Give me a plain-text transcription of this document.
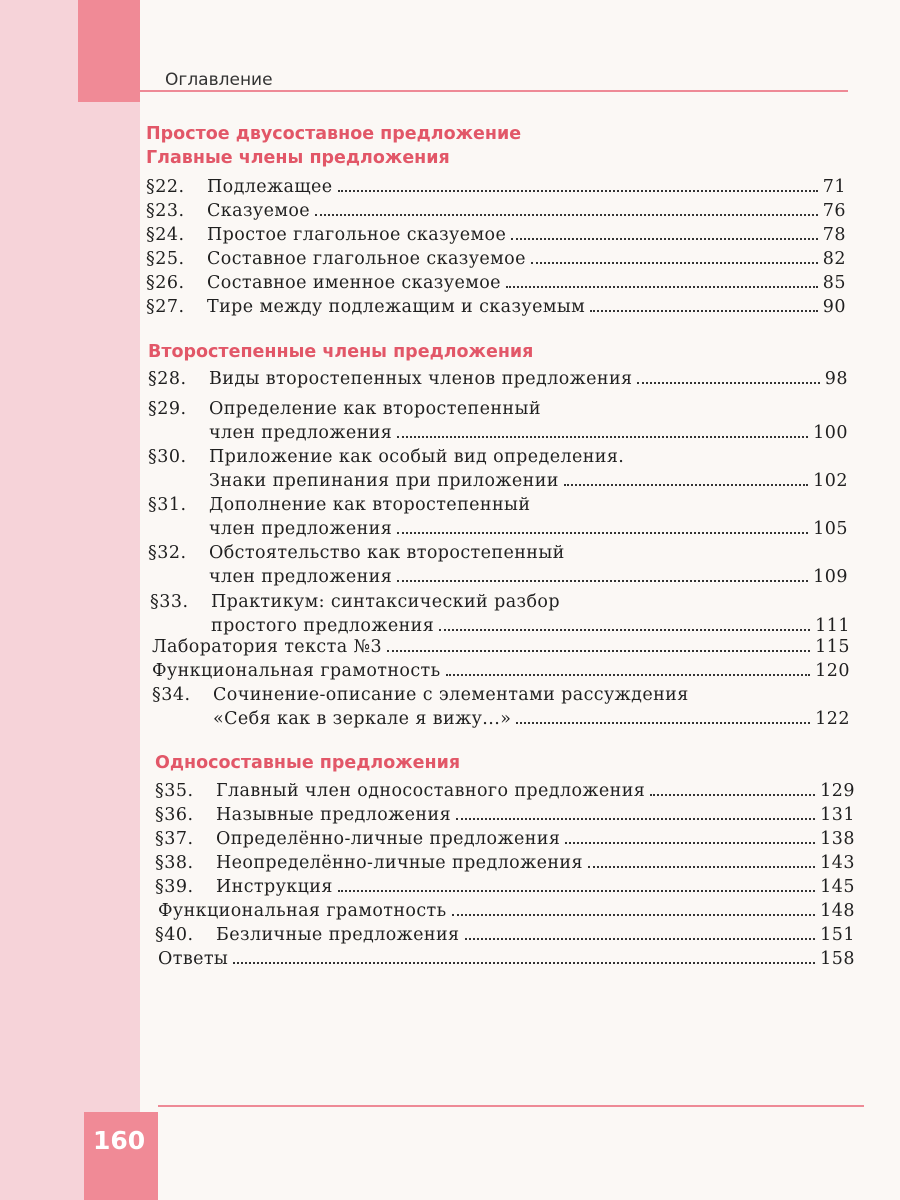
Оглавление
160
Простое двусоставное предложение
Главные члены предложения
§22.	Подлежащее	71
§23.	Сказуемое	76
§24.	Простое глагольное сказуемое	78
§25.	Составное глагольное сказуемое	82
§26.	Составное именное сказуемое	85
§27.	Тире между подлежащим и сказуемым	90
Второстепенные члены предложения
§28.	Виды второстепенных членов предложения	98
§29.	Определение как второстепенный
член предложения	100
§30.	Приложение как особый вид определения.
Знаки препинания при приложении	102
§31.	Дополнение как второстепенный
член предложения	105
§32.	Обстоятельство как второстепенный
член предложения	109
§33.	Практикум: синтаксический разбор
простого предложения	111
Лаборатория текста №3	115
Функциональная грамотность	120
§34.	Сочинение-описание с элементами рассуждения
«Себя как в зеркале я вижу...»	122
Односоставные предложения
§35.	Главный член односоставного предложения	129
§36.	Назывные предложения	131
§37.	Определённо-личные предложения	138
§38.	Неопределённо-личные предложения	143
§39.	Инструкция	145
Функциональная грамотность	148
§40.	Безличные предложения	151
Ответы	158
